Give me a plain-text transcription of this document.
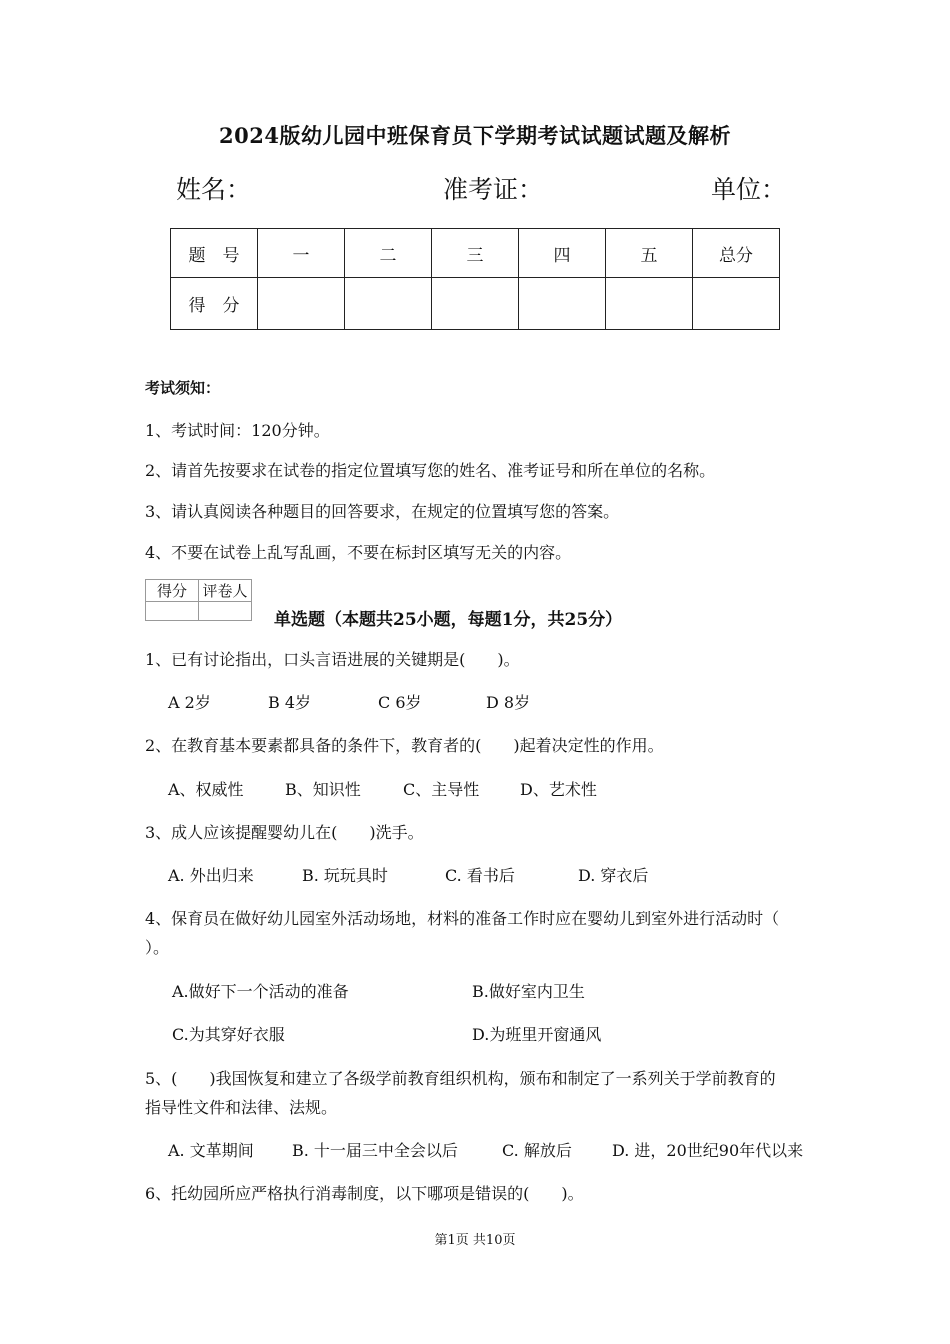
2024版幼儿园中班保育员下学期考试试题试题及解析
姓名：	准考证：	单位：
题　号	一	二	三	四	五	总分
得　分						
考试须知：
1、考试时间：120分钟。
2、请首先按要求在试卷的指定位置填写您的姓名、准考证号和所在单位的名称。
3、请认真阅读各种题目的回答要求，在规定的位置填写您的答案。
4、不要在试卷上乱写乱画，不要在标封区填写无关的内容。
得分	评卷人

单选题（本题共25小题，每题1分，共25分）
1、已有讨论指出，口头言语进展的关键期是(　　)。
A 2岁	B 4岁	C 6岁	D 8岁
2、在教育基本要素都具备的条件下，教育者的(　　)起着决定性的作用。
A、权威性	B、知识性	C、主导性	D、艺术性
3、成人应该提醒婴幼儿在(　　)洗手。
A. 外出归来	B. 玩玩具时	C. 看书后	D. 穿衣后
4、保育员在做好幼儿园室外活动场地，材料的准备工作时应在婴幼儿到室外进行活动时（
）。
A.做好下一个活动的准备	B.做好室内卫生
C.为其穿好衣服	D.为班里开窗通风
5、(　　)我国恢复和建立了各级学前教育组织机构，颁布和制定了一系列关于学前教育的
指导性文件和法律、法规。
A. 文革期间 B. 十一届三中全会以后	C. 解放后	D. 进，20世纪90年代以来
6、托幼园所应严格执行消毒制度，以下哪项是错误的(　　)。
第1页 共10页
